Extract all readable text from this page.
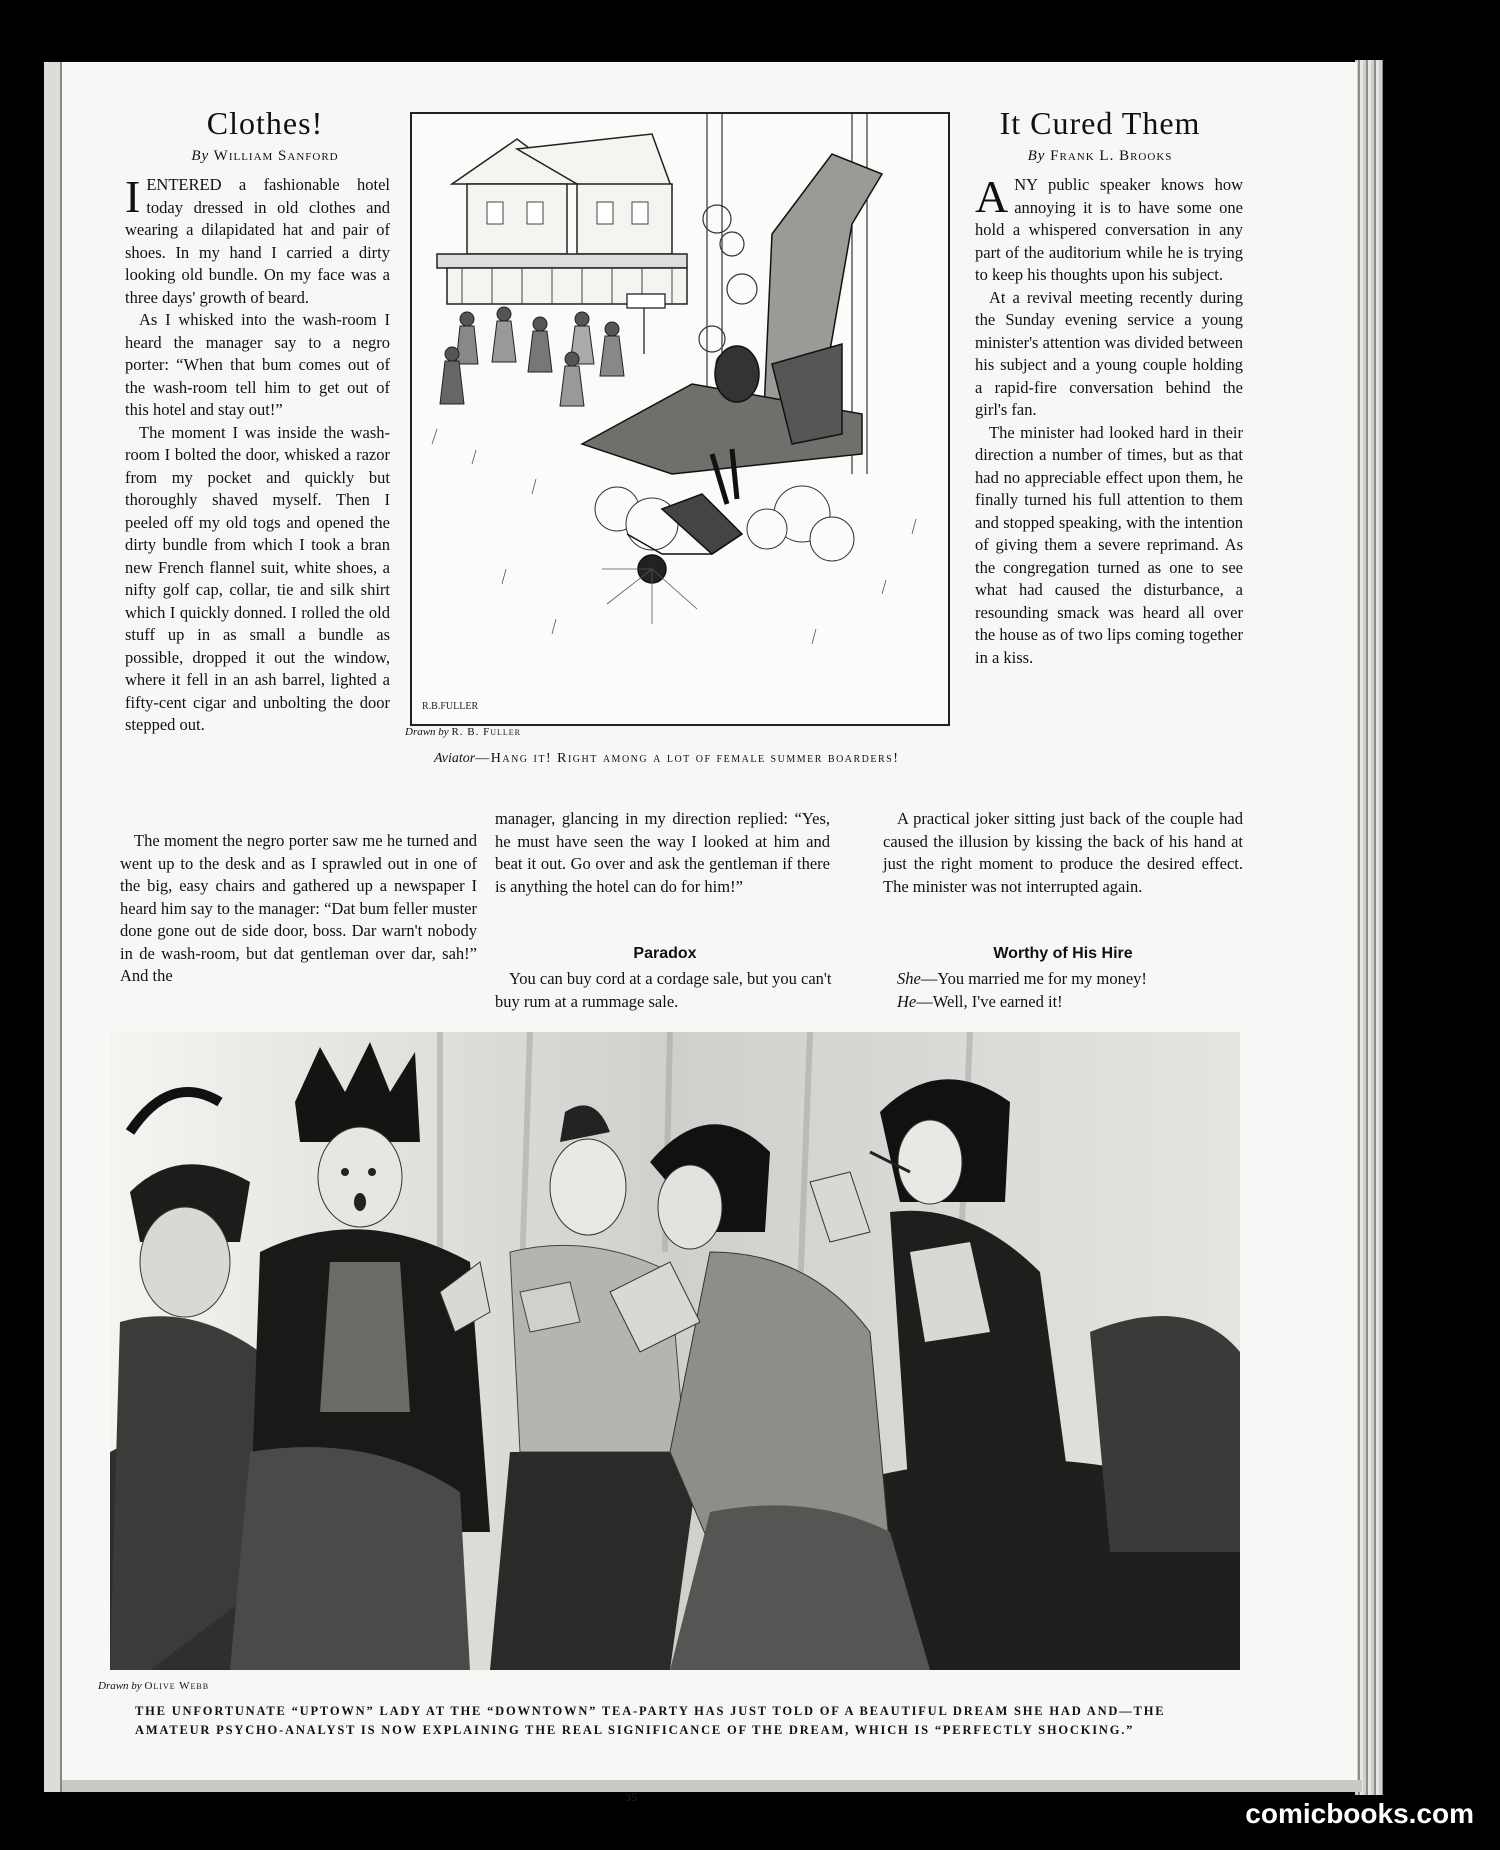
Clothes!
By William Sanford

IENTERED a fashionable hotel today dressed in old clothes and wearing a dilapidated hat and pair of shoes. In my hand I carried a dirty looking old bundle. On my face was a three days' growth of beard.

As I whisked into the wash-room I heard the manager say to a negro porter: “When that bum comes out of the wash-room tell him to get out of this hotel and stay out!”

The moment I was inside the wash-room I bolted the door, whisked a razor from my pocket and quickly but thoroughly shaved myself. Then I peeled off my old togs and opened the dirty bundle from which I took a bran new French flannel suit, white shoes, a nifty golf cap, collar, tie and silk shirt which I quickly donned. I rolled the old stuff up in as small a bundle as possible, dropped it out the window, where it fell in an ash barrel, lighted a fifty-cent cigar and unbolting the door stepped out.

The moment the negro porter saw me he turned and went up to the desk and as I sprawled out in one of the big, easy chairs and gathered up a newspaper I heard him say to the manager: “Dat bum feller muster done gone out de side door, boss. Dar warn't nobody in de wash-room, but dat gentleman over dar, sah!” And the

manager, glancing in my direction replied: “Yes, he must have seen the way I looked at him and beat it out. Go over and ask the gentleman if there is anything the hotel can do for him!”

R.B.FULLER
Drawn by R. B. Fuller
Aviator—Hang it! Right among a lot of female summer boarders!
It Cured Them
By Frank L. Brooks

ANY public speaker knows how annoying it is to have some one hold a whispered conversation in any part of the auditorium while he is trying to keep his thoughts upon his subject.

At a revival meeting recently during the Sunday evening service a young minister's attention was divided between his subject and a young couple holding a rapid-fire conversation behind the girl's fan.

The minister had looked hard in their direction a number of times, but as that had no appreciable effect upon them, he finally turned his full attention to them and stopped speaking, with the intention of giving them a severe reprimand. As the congregation turned as one to see what had caused the disturbance, a resounding smack was heard all over the house as of two lips coming together in a kiss.

A practical joker sitting just back of the couple had caused the illusion by kissing the back of his hand at just the right moment to produce the desired effect. The minister was not interrupted again.

Paradox

You can buy cord at a cordage sale, but you can't buy rum at a rummage sale.

Worthy of His Hire

She—You married me for my money!

He—Well, I've earned it!

Drawn by Olive Webb
THE UNFORTUNATE “UPTOWN” LADY AT THE “DOWNTOWN” TEA-PARTY HAS JUST TOLD OF A BEAUTIFUL DREAM SHE HAD AND—THE AMATEUR PSYCHO-ANALYST IS NOW EXPLAINING THE REAL SIGNIFICANCE OF THE DREAM, WHICH IS “PERFECTLY SHOCKING.”
35
comicbooks.com
